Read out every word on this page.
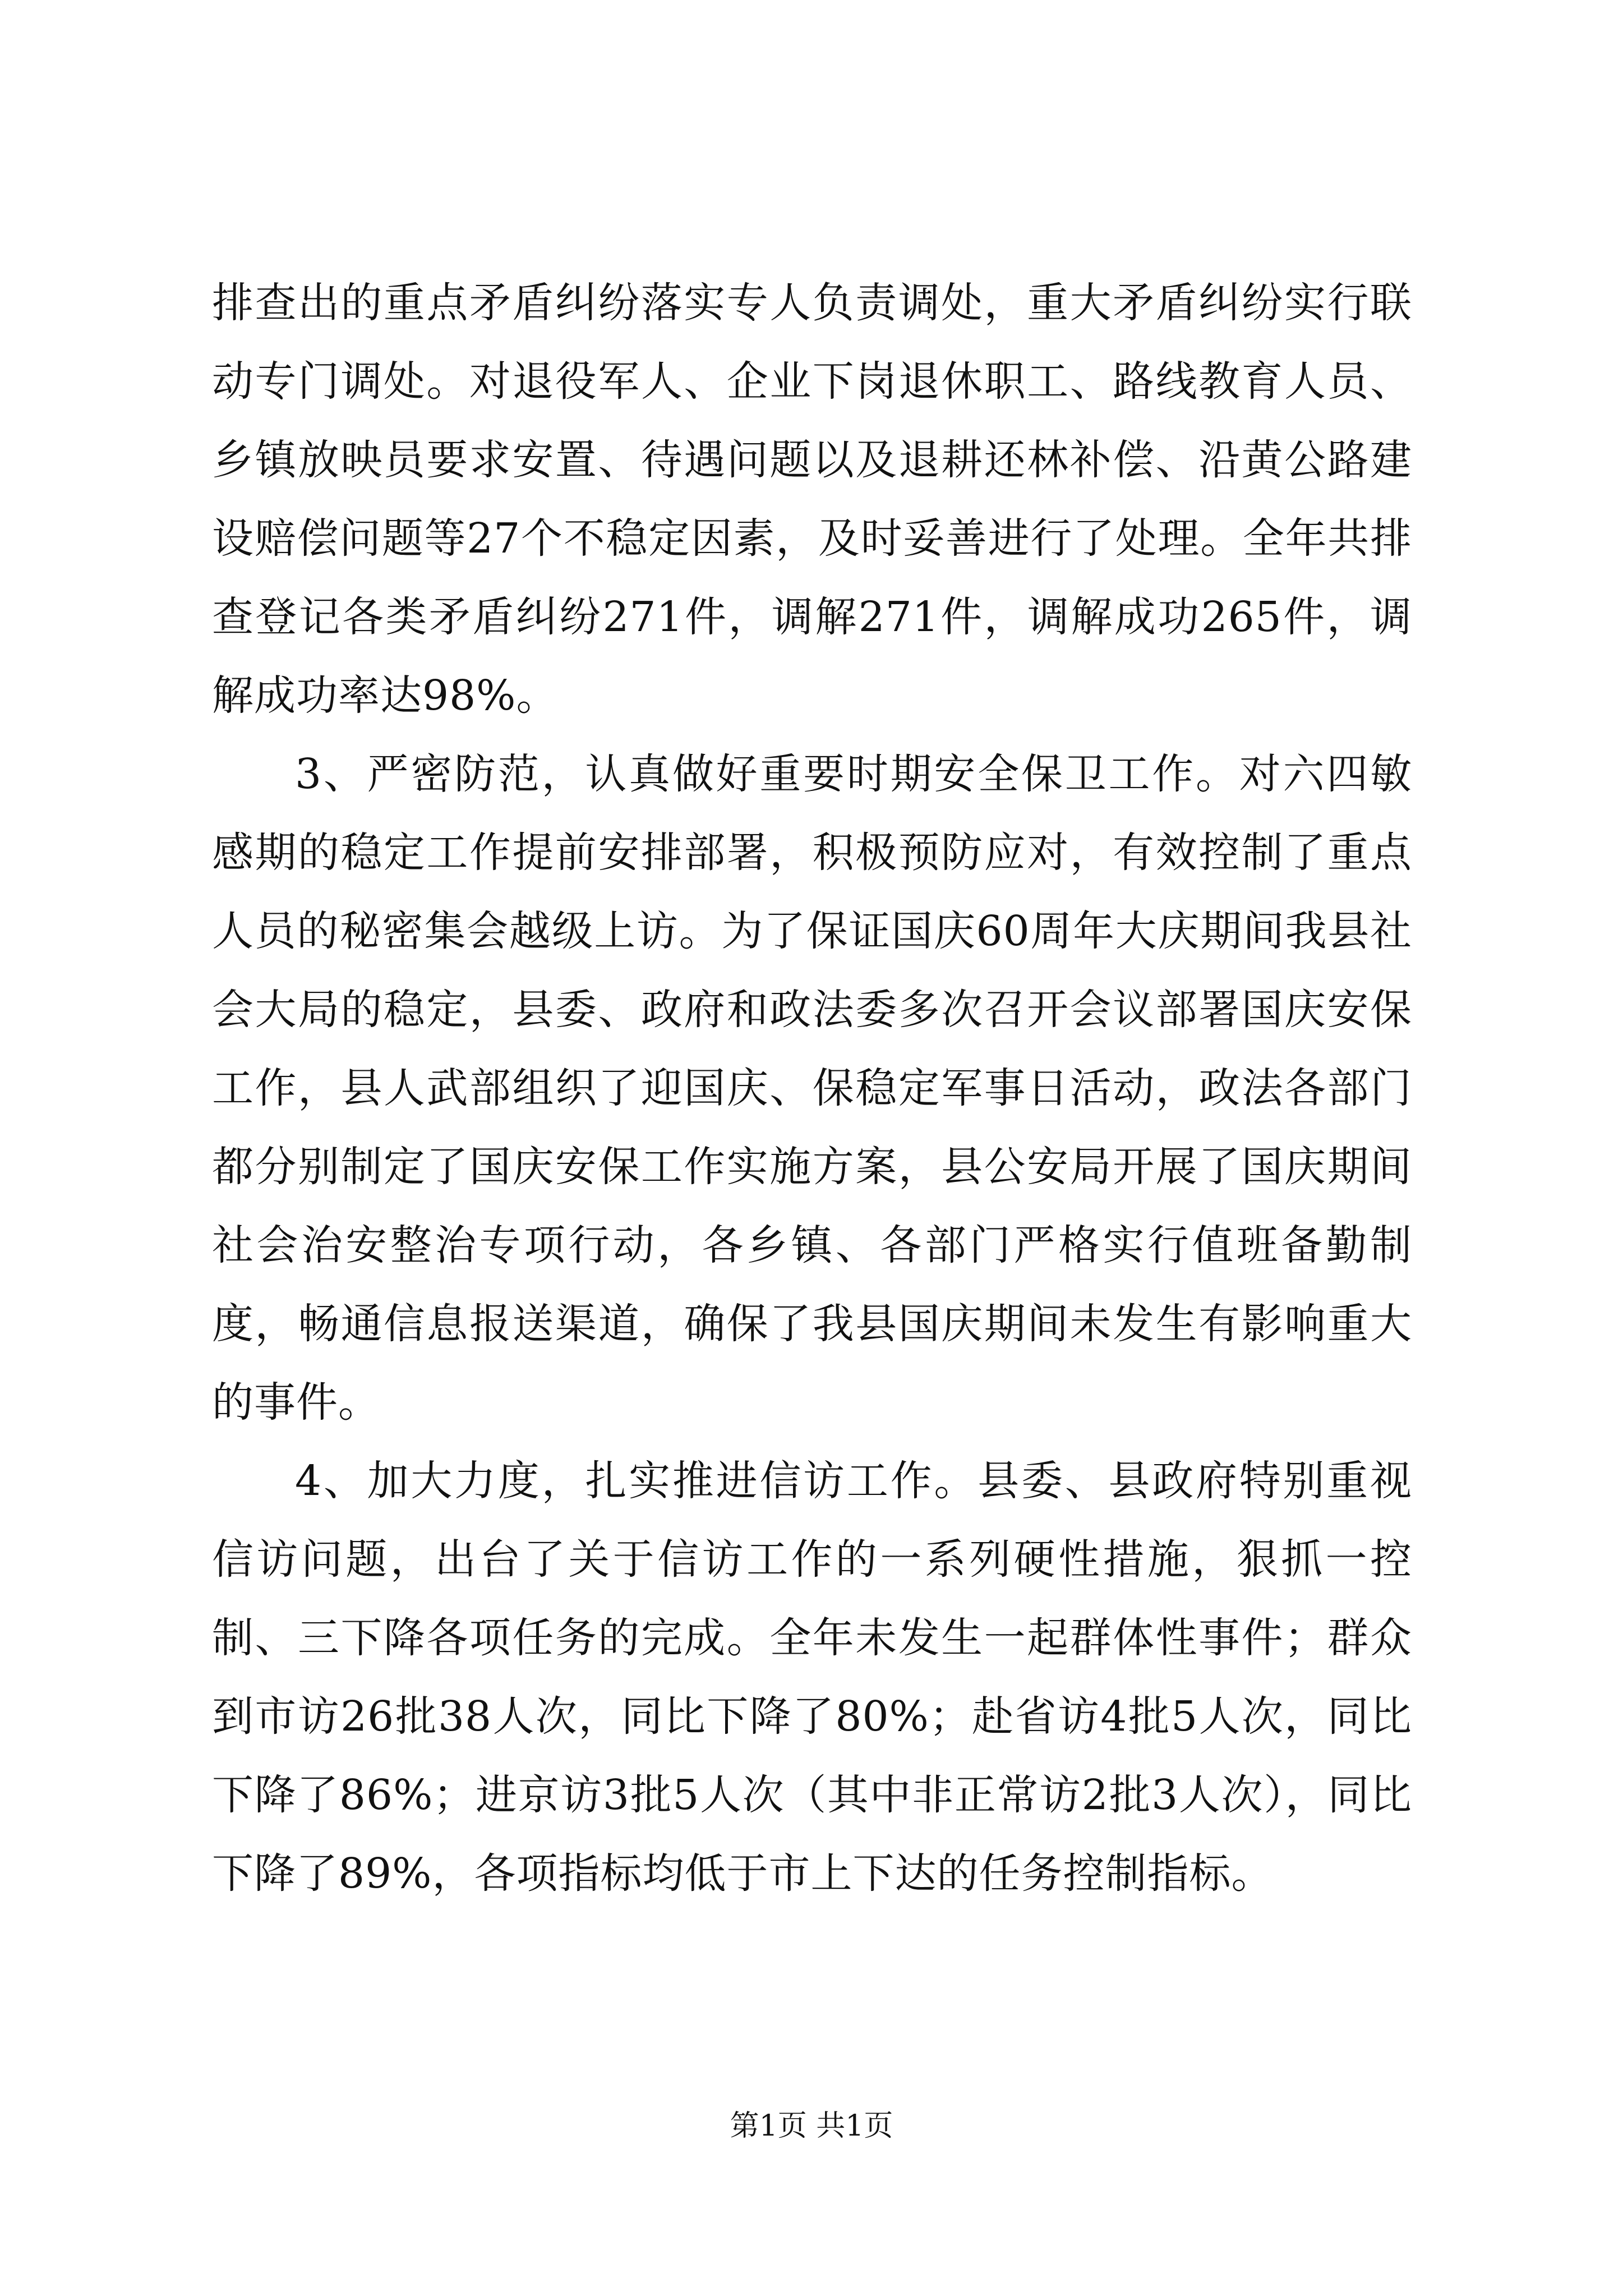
排查出的重点矛盾纠纷落实专人负责调处，重大矛盾纠纷实行联动专门调处。对退役军人、企业下岗退休职工、路线教育人员、乡镇放映员要求安置、待遇问题以及退耕还林补偿、沿黄公路建设赔偿问题等27个不稳定因素，及时妥善进行了处理。全年共排查登记各类矛盾纠纷271件，调解271件，调解成功265件，调解成功率达98%。

3、严密防范，认真做好重要时期安全保卫工作。对六四敏感期的稳定工作提前安排部署，积极预防应对，有效控制了重点人员的秘密集会越级上访。为了保证国庆60周年大庆期间我县社会大局的稳定，县委、政府和政法委多次召开会议部署国庆安保工作，县人武部组织了迎国庆、保稳定军事日活动，政法各部门都分别制定了国庆安保工作实施方案，县公安局开展了国庆期间社会治安整治专项行动，各乡镇、各部门严格实行值班备勤制度，畅通信息报送渠道，确保了我县国庆期间未发生有影响重大的事件。

4、加大力度，扎实推进信访工作。县委、县政府特别重视信访问题，出台了关于信访工作的一系列硬性措施，狠抓一控制、三下降各项任务的完成。全年未发生一起群体性事件；群众到市访26批38人次，同比下降了80%；赴省访4批5人次，同比下降了86%；进京访3批5人次（其中非正常访2批3人次），同比下降了89%，各项指标均低于市上下达的任务控制指标。

第1页 共1页
